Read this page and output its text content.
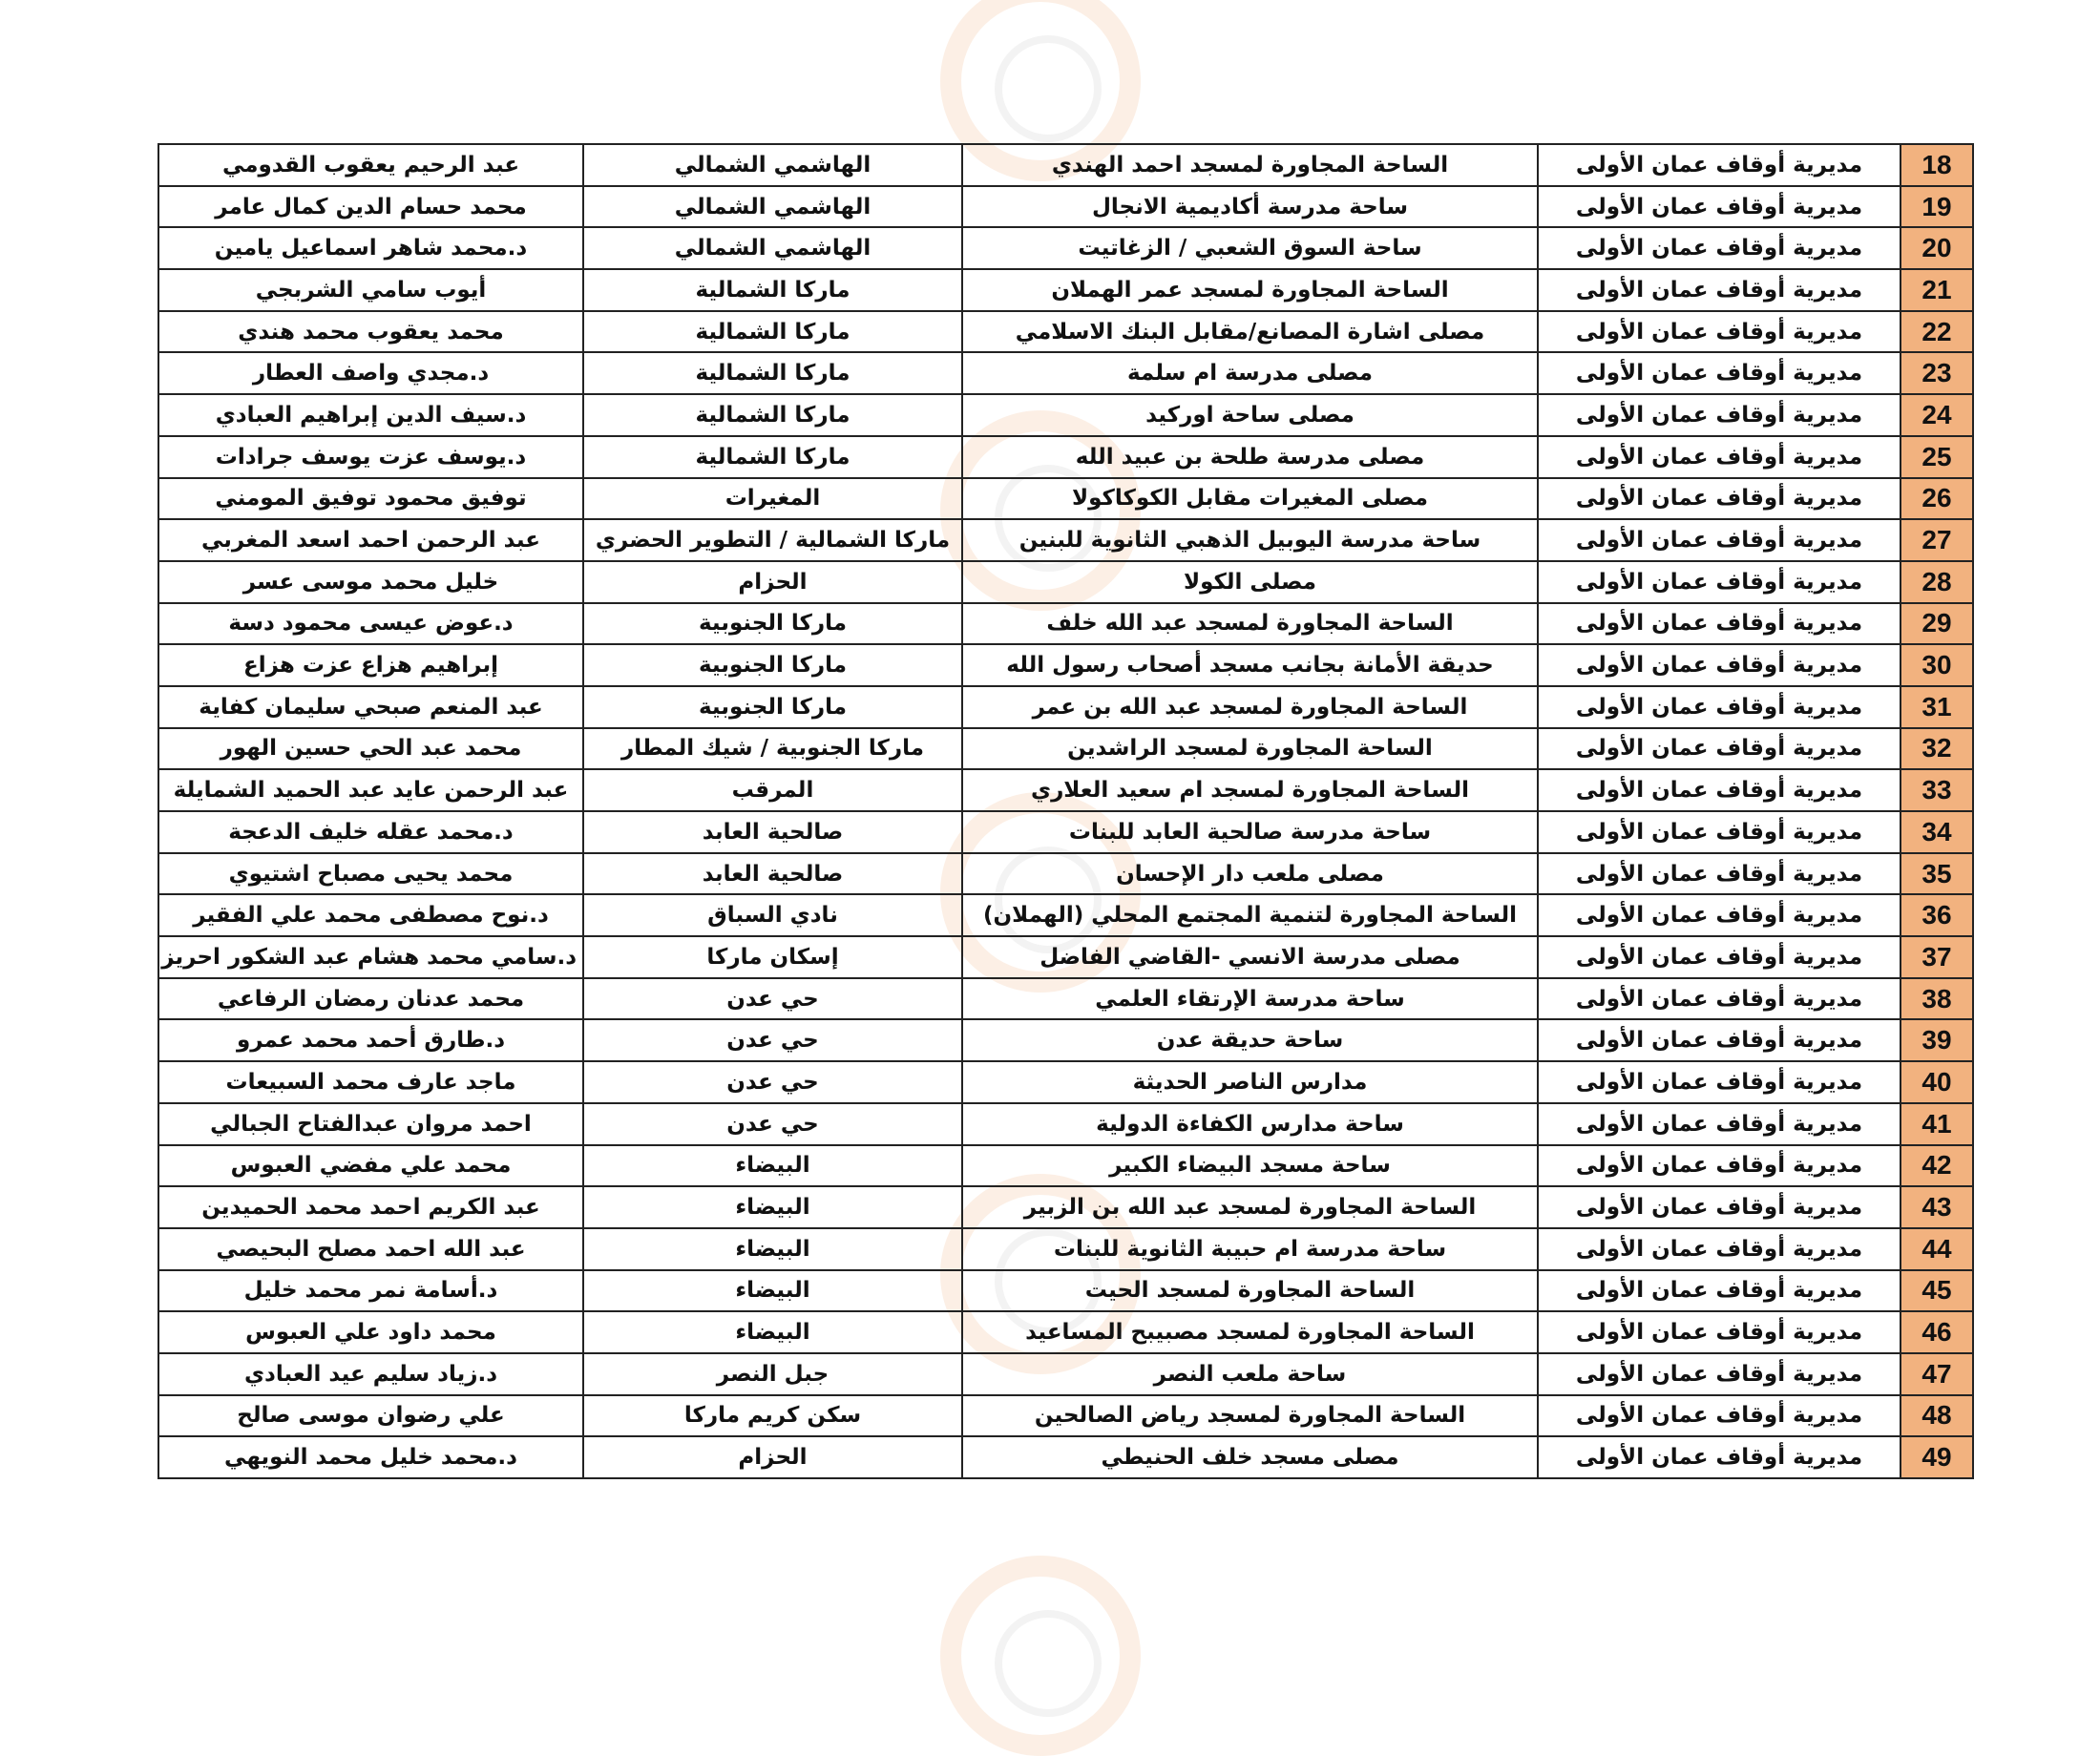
18	مديرية أوقاف عمان الأولى	الساحة المجاورة لمسجد احمد الهندي	الهاشمي الشمالي	عبد الرحيم يعقوب القدومي
19	مديرية أوقاف عمان الأولى	ساحة مدرسة أكاديمية الانجال	الهاشمي الشمالي	محمد حسام الدين كمال عامر
20	مديرية أوقاف عمان الأولى	ساحة السوق الشعبي / الزغاتيت	الهاشمي الشمالي	د.محمد شاهر اسماعيل يامين
21	مديرية أوقاف عمان الأولى	الساحة المجاورة لمسجد عمر الهملان	ماركا الشمالية	أيوب سامي الشربجي
22	مديرية أوقاف عمان الأولى	مصلى اشارة المصانع/مقابل البنك الاسلامي	ماركا الشمالية	محمد يعقوب محمد هندي
23	مديرية أوقاف عمان الأولى	مصلى مدرسة ام سلمة	ماركا الشمالية	د.مجدي واصف العطار
24	مديرية أوقاف عمان الأولى	مصلى ساحة اوركيد	ماركا الشمالية	د.سيف الدين إبراهيم العبادي
25	مديرية أوقاف عمان الأولى	مصلى مدرسة طلحة بن عبيد الله	ماركا الشمالية	د.يوسف عزت يوسف جرادات
26	مديرية أوقاف عمان الأولى	مصلى المغيرات مقابل الكوكاكولا	المغيرات	توفيق محمود توفيق المومني
27	مديرية أوقاف عمان الأولى	ساحة مدرسة اليوبيل الذهبي الثانوية للبنين	ماركا الشمالية / التطوير الحضري	عبد الرحمن احمد اسعد المغربي
28	مديرية أوقاف عمان الأولى	مصلى الكولا	الحزام	خليل محمد موسى عسر
29	مديرية أوقاف عمان الأولى	الساحة المجاورة لمسجد عبد الله خلف	ماركا الجنوبية	د.عوض عيسى محمود دسة
30	مديرية أوقاف عمان الأولى	حديقة الأمانة بجانب مسجد أصحاب رسول الله	ماركا الجنوبية	إبراهيم هزاع عزت هزاع
31	مديرية أوقاف عمان الأولى	الساحة المجاورة لمسجد عبد الله بن عمر	ماركا الجنوبية	عبد المنعم صبحي سليمان كفاية
32	مديرية أوقاف عمان الأولى	الساحة المجاورة لمسجد الراشدين	ماركا الجنوبية / شيك المطار	محمد عبد الحي حسين الهور
33	مديرية أوقاف عمان الأولى	الساحة المجاورة لمسجد ام سعيد العلاري	المرقب	عبد الرحمن عايد عبد الحميد الشمايلة
34	مديرية أوقاف عمان الأولى	ساحة مدرسة صالحية العابد للبنات	صالحية العابد	د.محمد عقله خليف الدعجة
35	مديرية أوقاف عمان الأولى	مصلى ملعب دار الإحسان	صالحية العابد	محمد يحيى مصباح اشتيوي
36	مديرية أوقاف عمان الأولى	الساحة المجاورة لتنمية المجتمع المحلي (الهملان)	نادي السباق	د.نوح مصطفى محمد علي الفقير
37	مديرية أوقاف عمان الأولى	مصلى مدرسة الانسي -القاضي الفاضل	إسكان ماركا	د.سامي محمد هشام عبد الشكور احريز
38	مديرية أوقاف عمان الأولى	ساحة مدرسة الإرتقاء العلمي	حي عدن	محمد عدنان رمضان الرفاعي
39	مديرية أوقاف عمان الأولى	ساحة حديقة عدن	حي عدن	د.طارق أحمد محمد عمرو
40	مديرية أوقاف عمان الأولى	مدارس الناصر الحديثة	حي عدن	ماجد عارف محمد السبيعات
41	مديرية أوقاف عمان الأولى	ساحة مدارس الكفاءة الدولية	حي عدن	احمد مروان عبدالفتاح الجبالي
42	مديرية أوقاف عمان الأولى	ساحة مسجد البيضاء الكبير	البيضاء	محمد علي مفضي العبوس
43	مديرية أوقاف عمان الأولى	الساحة المجاورة لمسجد عبد الله بن الزبير	البيضاء	عبد الكريم احمد محمد الحميدين
44	مديرية أوقاف عمان الأولى	ساحة مدرسة ام حبيبة الثانوية للبنات	البيضاء	عبد الله احمد مصلح البحيصي
45	مديرية أوقاف عمان الأولى	الساحة المجاورة لمسجد الحيت	البيضاء	د.أسامة نمر محمد خليل
46	مديرية أوقاف عمان الأولى	الساحة المجاورة لمسجد مصبيبح المساعيد	البيضاء	محمد داود علي العبوس
47	مديرية أوقاف عمان الأولى	ساحة ملعب النصر	جبل النصر	د.زياد سليم عيد العبادي
48	مديرية أوقاف عمان الأولى	الساحة المجاورة لمسجد رياض الصالحين	سكن كريم ماركا	علي رضوان موسى صالح
49	مديرية أوقاف عمان الأولى	مصلى مسجد خلف الحنيطي	الحزام	د.محمد خليل محمد النويهي
